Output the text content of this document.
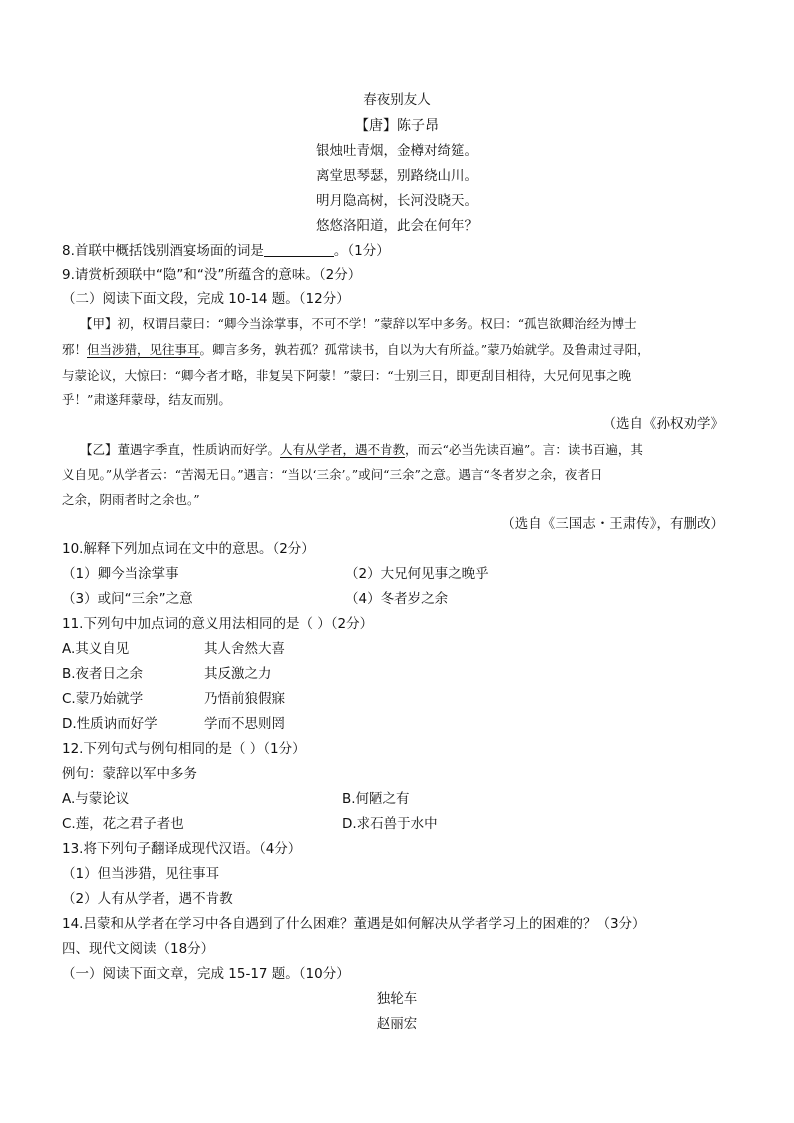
春夜别友人
【唐】陈子昂
银烛吐青烟，金樽对绮筵。
离堂思琴瑟，别路绕山川。
明月隐高树，长河没晓天。
悠悠洛阳道，此会在何年？
8.首联中概括饯别酒宴场面的词是	。（1分）
9.请赏析颈联中“隐”和“没”所蕴含的意味。（2分）
（二）阅读下面文段，完成 10-14 题。（12分）
【甲】初，权谓吕蒙曰：“卿今当涂掌事，不可不学！”蒙辞以军中多务。权曰：“孤岂欲卿治经为博士
邪！但当涉猎，见往事耳。卿言多务，孰若孤？孤常读书，自以为大有所益。”蒙乃始就学。及鲁肃过寻阳，
与蒙论议，大惊曰：“卿今者才略，非复吴下阿蒙！”蒙曰：“士别三日，即更刮目相待，大兄何见事之晚
乎！”肃遂拜蒙母，结友而别。
（选自《孙权劝学》
【乙】董遇字季直，性质讷而好学。人有从学者，遇不肯教，而云“必当先读百遍”。言：读书百遍，其
义自见。”从学者云：“苦渴无日。”遇言：“当以‘三余’。”或问“三余”之意。遇言“冬者岁之余，夜者日
之余，阴雨者时之余也。”
（选自《三国志・王肃传》，有删改）
10.解释下列加点词在文中的意思。（2分）
（1）卿今当涂掌事	（2）大兄何见事之晚乎
（3）或问“三余”之意	（4）冬者岁之余
11.下列句中加点词的意义用法相同的是（ ）（2分）
A.其义自见	其人舍然大喜
B.夜者日之余	其反激之力
C.蒙乃始就学	乃悟前狼假寐
D.性质讷而好学	学而不思则罔
12.下列句式与例句相同的是（ ）（1分）
例句：蒙辞以军中多务
A.与蒙论议	B.何陋之有
C.莲，花之君子者也	D.求石兽于水中
13.将下列句子翻译成现代汉语。（4分）
（1）但当涉猎，见往事耳
（2）人有从学者，遇不肯教
14.吕蒙和从学者在学习中各自遇到了什么困难？董遇是如何解决从学者学习上的困难的？（3分）
四、现代文阅读（18分）
（一）阅读下面文章，完成 15-17 题。（10分）
独轮车
赵丽宏
